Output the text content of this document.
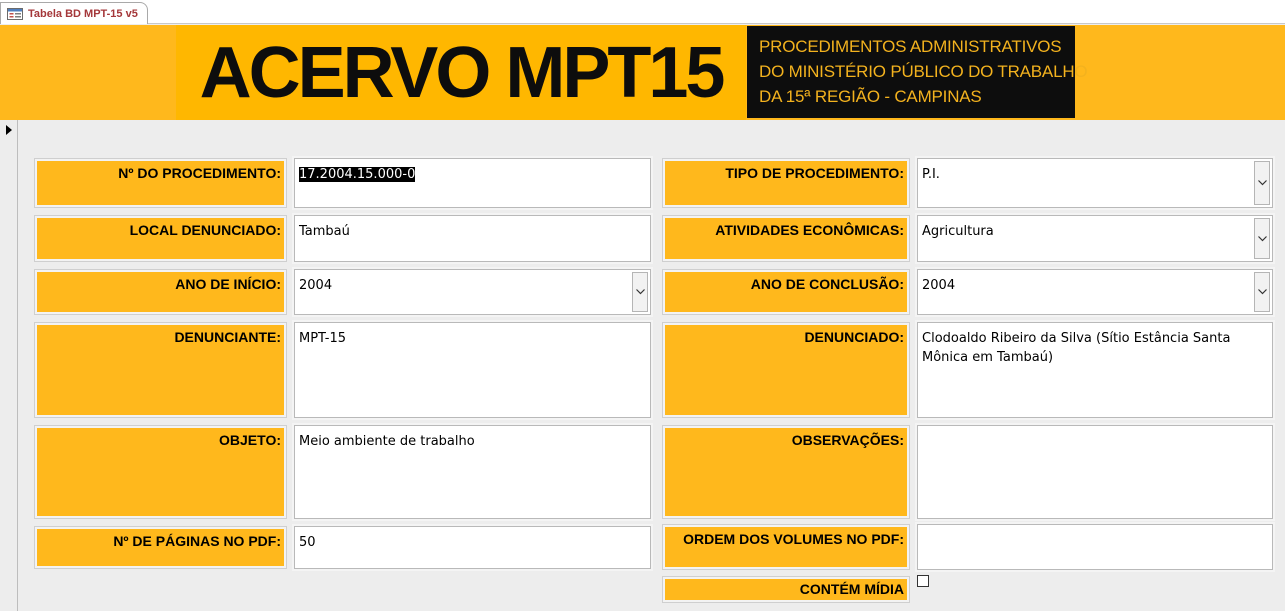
Tabela BD MPT-15 v5
ACERVO MPT15 PROCEDIMENTOS ADMINISTRATIVOS
DO MINISTÉRIO PÚBLICO DO TRABALHO
DA 15ª REGIÃO - CAMPINAS
Nº DO PROCEDIMENTO:	17.2004.15.000-0
LOCAL DENUNCIADO:	Tambaú
ANO DE INÍCIO:	2004
DENUNCIANTE:	MPT-15
OBJETO:	Meio ambiente de trabalho
Nº DE PÁGINAS NO PDF:	50
TIPO DE PROCEDIMENTO:	P.I.
ATIVIDADES ECONÔMICAS:	Agricultura
ANO DE CONCLUSÃO:	2004
DENUNCIADO:	Clodoaldo Ribeiro da Silva (Sítio Estância Santa Mônica em Tambaú)
OBSERVAÇÕES:
ORDEM DOS VOLUMES NO PDF:
CONTÉM MÍDIA
